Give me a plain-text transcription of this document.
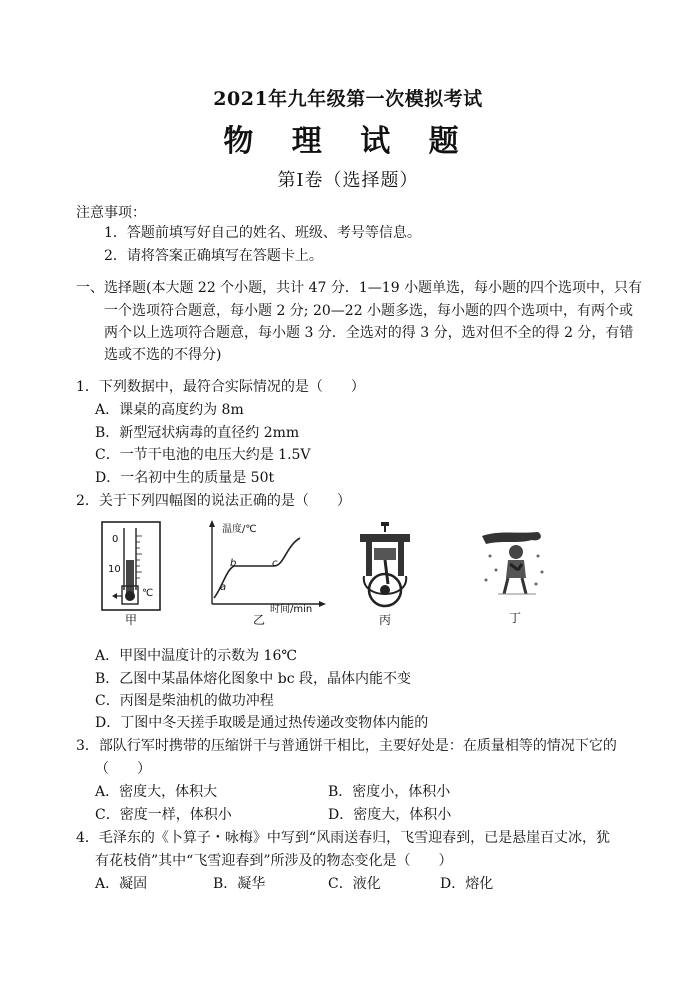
2021年九年级第一次模拟考试
物 理 试 题
第Ⅰ卷（选择题）
注意事项：
1．答题前填写好自己的姓名、班级、考号等信息。
2．请将答案正确填写在答题卡上。
一、选择题(本大题 22 个小题，共计 47 分．1—19 小题单选，每小题的四个选项中，只有
一个选项符合题意，每小题 2 分; 20—22 小题多选，每小题的四个选项中，有两个或
两个以上选项符合题意，每小题 3 分．全选对的得 3 分，选对但不全的得 2 分，有错
选或不选的不得分)
1．下列数据中，最符合实际情况的是（　　）
A．课桌的高度约为 8m
B．新型冠状病毒的直径约 2mm
C．一节干电池的电压大约是 1.5V
D．一名初中生的质量是 50t
2．关于下列四幅图的说法正确的是（　　）
0
10
℃
甲
温度/℃
时间/min
a
b	c
乙	丙	丁
A．甲图中温度计的示数为 16℃
B．乙图中某晶体熔化图象中 bc 段，晶体内能不变
C．丙图是柴油机的做功冲程
D．丁图中冬天搓手取暖是通过热传递改变物体内能的
3．部队行军时携带的压缩饼干与普通饼干相比，主要好处是：在质量相等的情况下它的
（　　）
A．密度大，体积大	B．密度小，体积小
C．密度一样，体积小	D．密度大，体积小
4．毛泽东的《卜算子・咏梅》中写到“风雨送春归，飞雪迎春到，已是悬崖百丈冰，犹
有花枝俏”其中“飞雪迎春到”所涉及的物态变化是（　　）
A．凝固	B．凝华	C．液化	D．熔化
